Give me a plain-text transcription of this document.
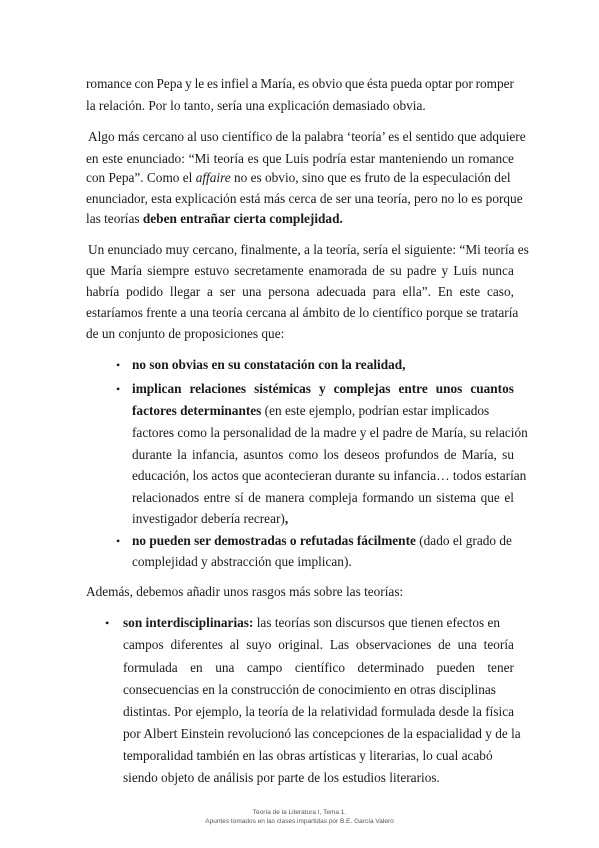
romance con Pepa y le es infiel a María, es obvio que ésta pueda optar por romper
la relación. Por lo tanto, sería una explicación demasiado obvia.
Algo más cercano al uso científico de la palabra ‘teoría’ es el sentido que adquiere
en este enunciado: “Mi teoría es que Luis podría estar manteniendo un romance
con Pepa”. Como el affaire no es obvio, sino que es fruto de la especulación del
enunciador, esta explicación está más cerca de ser una teoría, pero no lo es porque
las teorías deben entrañar cierta complejidad.
Un enunciado muy cercano, finalmente, a la teoría, sería el siguiente: “Mi teoría es
que María siempre estuvo secretamente enamorada de su padre y Luis nunca
habría podido llegar a ser una persona adecuada para ella”. En este caso,
estaríamos frente a una teoría cercana al ámbito de lo científico porque se trataría
de un conjunto de proposiciones que:
• no son obvias en su constatación con la realidad,
• implican relaciones sistémicas y complejas entre unos cuantos
factores determinantes (en este ejemplo, podrían estar implicados
factores como la personalidad de la madre y el padre de María, su relación
durante la infancia, asuntos como los deseos profundos de María, su
educación, los actos que acontecieran durante su infancia… todos estarían
relacionados entre sí de manera compleja formando un sistema que el
investigador debería recrear),
• no pueden ser demostradas o refutadas fácilmente (dado el grado de
complejidad y abstracción que implican).
Además, debemos añadir unos rasgos más sobre las teorías:
• son interdisciplinarias: las teorías son discursos que tienen efectos en
campos diferentes al suyo original. Las observaciones de una teoría
formulada en una campo científico determinado pueden tener
consecuencias en la construcción de conocimiento en otras disciplinas
distintas. Por ejemplo, la teoría de la relatividad formulada desde la física
por Albert Einstein revolucionó las concepciones de la espacialidad y de la
temporalidad también en las obras artísticas y literarias, lo cual acabó
siendo objeto de análisis por parte de los estudios literarios.
Teoría de la Literatura I, Tema 1.
Apuntes tomados en las clases impartidas por B.E. García Valero
